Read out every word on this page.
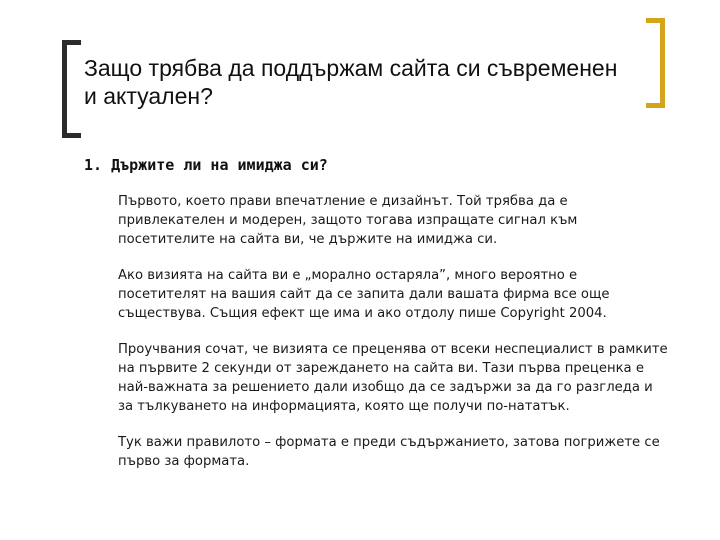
Защо трябва да поддържам сайта си съвременен и актуален?
1. Държите ли на имиджа си?

Първото, което прави впечатление е дизайнът. Той трябва да е привлекателен и модерен, защото тогава изпращате сигнал към посетителите на сайта ви, че държите на имиджа си.

Ако визията на сайта ви е „морално остаряла”, много вероятно е посетителят на вашия сайт да се запита дали вашата фирма все още съществува. Същия ефект ще има и ако отдолу пише Copyright 2004.

Проучвания сочат, че визията се преценява от всеки неспециалист в рамките на първите 2 секунди от зареждането на сайта ви. Тази първа преценка е най-важната за решението дали изобщо да се задържи за да го разгледа и за тълкуването на информацията, която ще получи по-нататък.

Тук важи правилото – формата е преди съдържанието, затова погрижете се първо за формата.
